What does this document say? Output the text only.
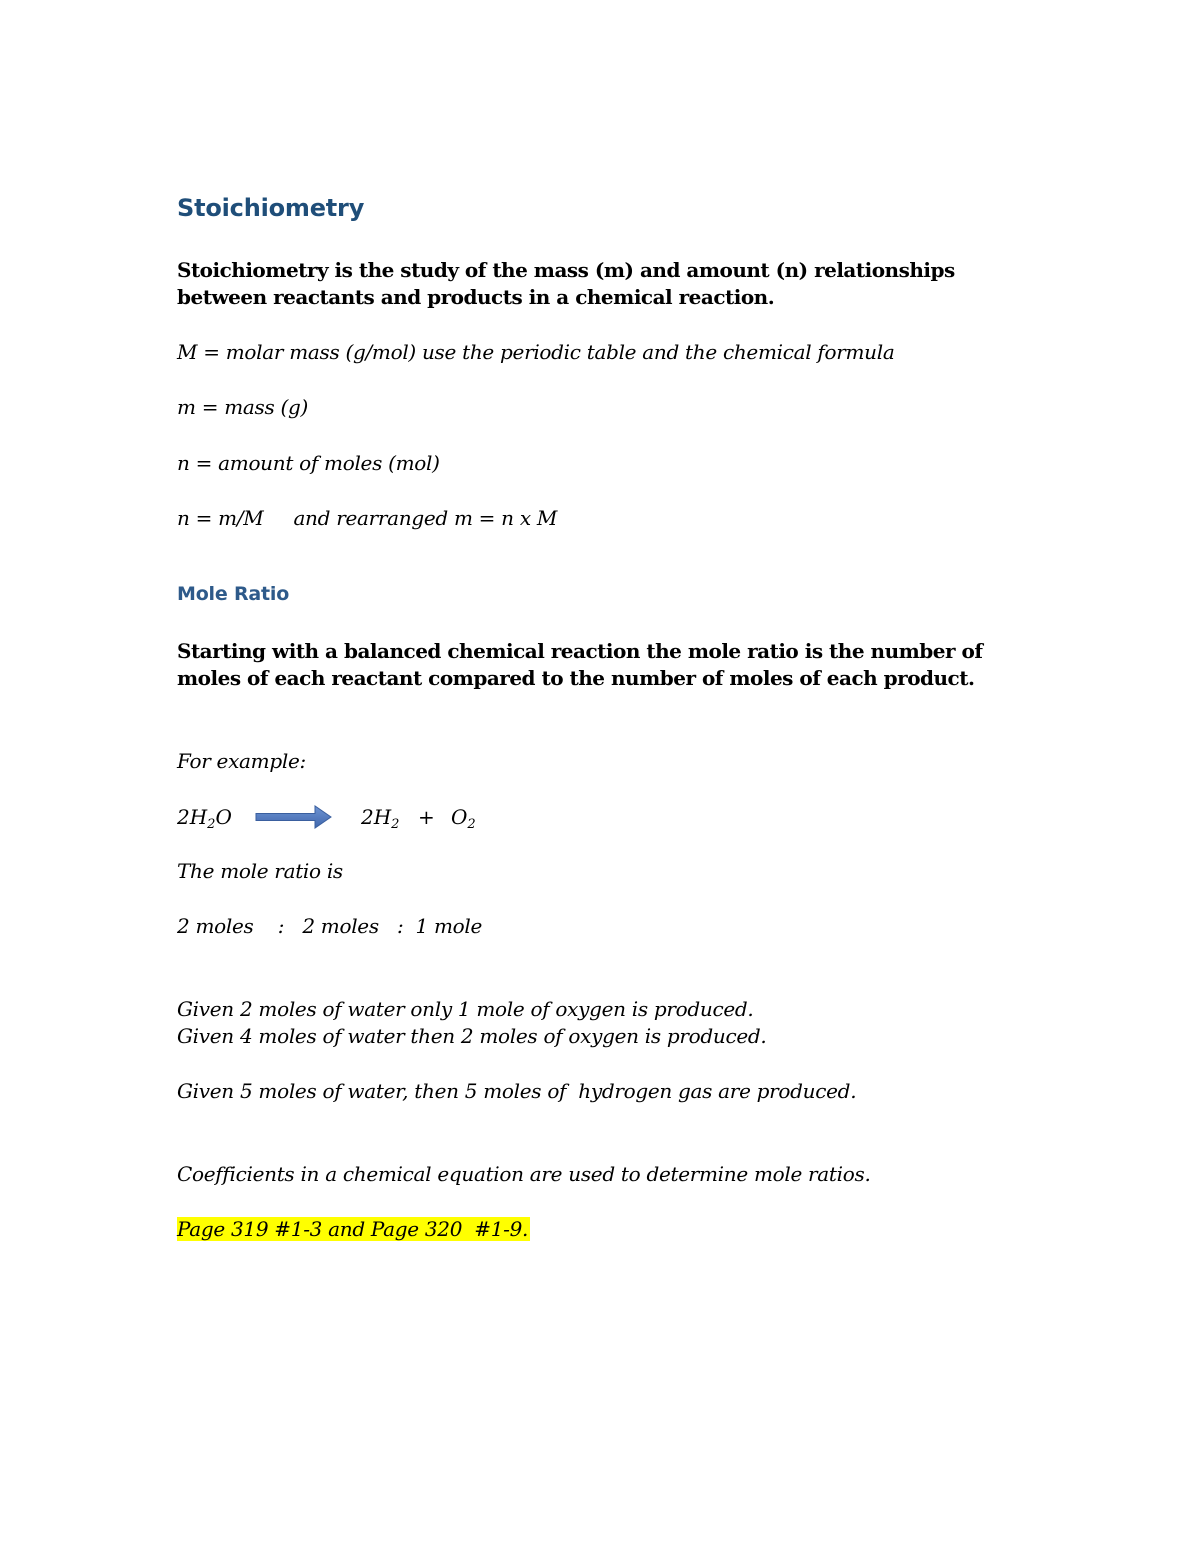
Stoichiometry
Stoichiometry is the study of the mass (m) and amount (n) relationships
between reactants and products in a chemical reaction.
M = molar mass (g/mol) use the periodic table and the chemical formula
m = mass (g)
n = amount of moles (mol)
n = m/M and rearranged m = n x M
Mole Ratio
Starting with a balanced chemical reaction the mole ratio is the number of
moles of each reactant compared to the number of moles of each product.
For example:
$2H_2O$	$2H_2 + O_2$
The mole ratio is
2 moles    :   2 moles   :  1 mole
Given 2 moles of water only 1 mole of oxygen is produced.
Given 4 moles of water then 2 moles of oxygen is produced.
Given 5 moles of water, then 5 moles of  hydrogen gas are produced.
Coefficients in a chemical equation are used to determine mole ratios.
Page 319 #1-3 and Page 320  #1-9.
